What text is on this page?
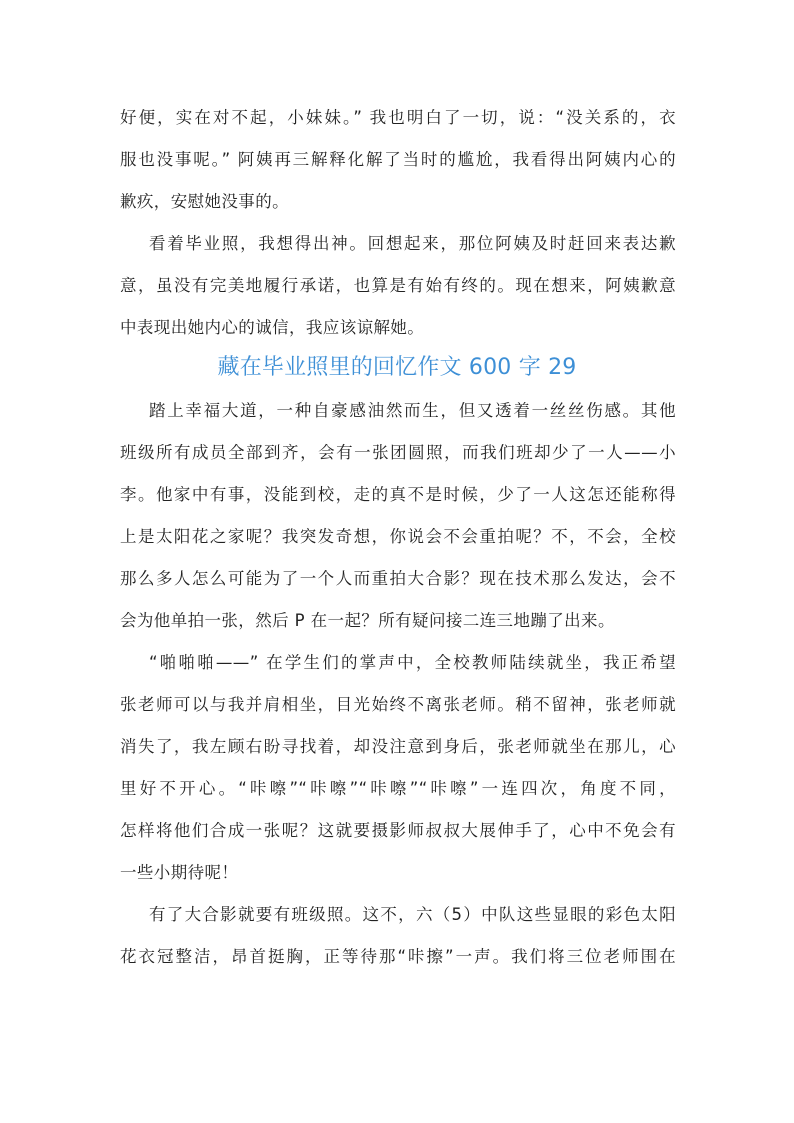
好便，实在对不起，小妹妹。” 我也明白了一切，说：“没关系的，衣
服也没事呢。” 阿姨再三解释化解了当时的尴尬，我看得出阿姨内心的
歉疚，安慰她没事的。
看着毕业照，我想得出神。回想起来，那位阿姨及时赶回来表达歉
意，虽没有完美地履行承诺，也算是有始有终的。现在想来，阿姨歉意
中表现出她内心的诚信，我应该谅解她。
藏在毕业照里的回忆作文 600 字 29
踏上幸福大道，一种自豪感油然而生，但又透着一丝丝伤感。其他
班级所有成员全部到齐，会有一张团圆照，而我们班却少了一人——小
李。他家中有事，没能到校，走的真不是时候，少了一人这怎还能称得
上是太阳花之家呢？我突发奇想，你说会不会重拍呢？不，不会，全校
那么多人怎么可能为了一个人而重拍大合影？现在技术那么发达，会不
会为他单拍一张，然后 P 在一起？所有疑问接二连三地蹦了出来。
“啪啪啪——” 在学生们的掌声中，全校教师陆续就坐，我正希望
张老师可以与我并肩相坐，目光始终不离张老师。稍不留神，张老师就
消失了，我左顾右盼寻找着，却没注意到身后，张老师就坐在那儿，心
里好不开心。“咔嚓”“咔嚓”“咔嚓”“咔嚓”一连四次，角度不同，
怎样将他们合成一张呢？这就要摄影师叔叔大展伸手了，心中不免会有
一些小期待呢！
有了大合影就要有班级照。这不，六（5）中队这些显眼的彩色太阳
花衣冠整洁，昂首挺胸，正等待那“咔擦”一声。我们将三位老师围在
